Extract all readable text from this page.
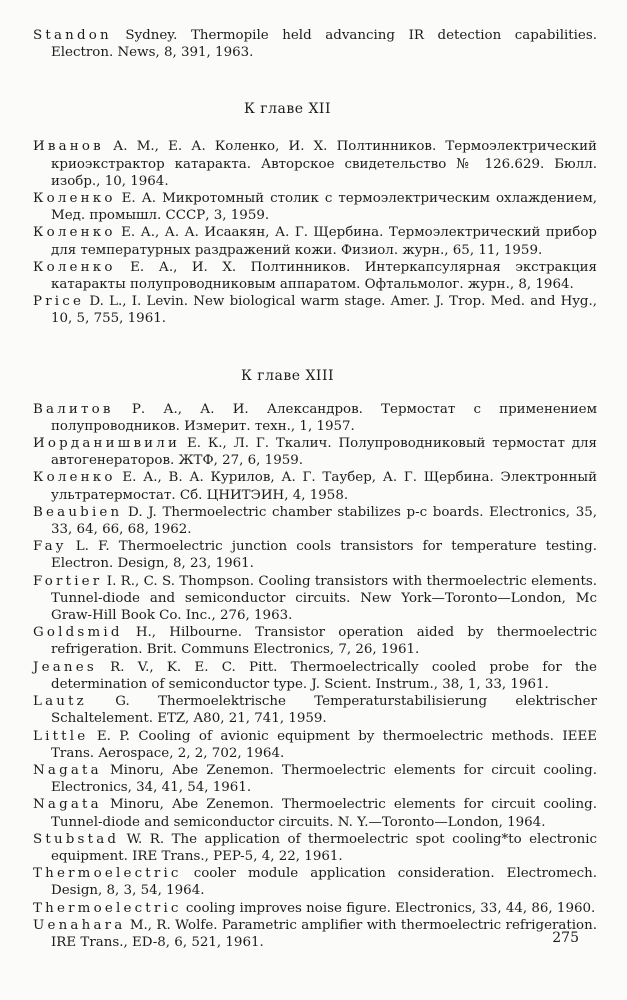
Standon Sydney. Thermopile held advancing IR detection capabilities. Electron. News, 8, 391, 1963.

К главе XII

Иванов А. М., Е. А. Коленко, И. Х. Полтинников. Термоэлектрический криоэкстрактор катаракта. Авторское свидетельство № 126.629. Бюлл. изобр., 10, 1964.

Коленко Е. А. Микротомный столик с термоэлектрическим охлаждением, Мед. промышл. СССР, 3, 1959.

Коленко Е. А., А. А. Исаакян, А. Г. Щербина. Термоэлектрический прибор для температурных раздражений кожи. Физиол. журн., 65, 11, 1959.

Коленко Е. А., И. Х. Полтинников. Интеркапсулярная экстракция катаракты полупроводниковым аппаратом. Офтальмолог. журн., 8, 1964.

Price D. L., I. Levin. New biological warm stage. Amer. J. Trop. Med. and Hyg., 10, 5, 755, 1961.

К главе XIII

Валитов Р. А., А. И. Александров. Термостат с применением полупроводников. Измерит. техн., 1, 1957.

Иорданишвили Е. К., Л. Г. Ткалич. Полупроводниковый термостат для автогенераторов. ЖТФ, 27, 6, 1959.

Коленко Е. А., В. А. Курилов, А. Г. Таубер, А. Г. Щербина. Электронный ультратермостат. Сб. ЦНИТЭИН, 4, 1958.

Beaubien D. J. Thermoelectric chamber stabilizes p-c boards. Electronics, 35, 33, 64, 66, 68, 1962.

Fay L. F. Thermoelectric junction cools transistors for temperature testing. Electron. Design, 8, 23, 1961.

Fortier I. R., C. S. Thompson. Cooling transistors with thermoelectric elements. Tunnel-diode and semiconductor circuits. New York—Toronto—London, Mc Graw-Hill Book Co. Inc., 276, 1963.

Goldsmid H., Hilbourne. Transistor operation aided by thermoelectric refrigeration. Brit. Communs Electronics, 7, 26, 1961.

Jeanes R. V., K. E. C. Pitt. Thermoelectrically cooled probe for the determination of semiconductor type. J. Scient. Instrum., 38, 1, 33, 1961.

Lautz G. Thermoelektrische Temperaturstabilisierung elektrischer Schaltelement. ETZ, A80, 21, 741, 1959.

Little E. P. Cooling of avionic equipment by thermoelectric methods. IEEE Trans. Aerospace, 2, 2, 702, 1964.

Nagata Minoru, Abe Zenemon. Thermoelectric elements for circuit cooling. Electronics, 34, 41, 54, 1961.

Nagata Minoru, Abe Zenemon. Thermoelectric elements for circuit cooling. Tunnel-diode and semiconductor circuits. N. Y.—Toronto—London, 1964.

Stubstad W. R. The application of thermoelectric spot cooling*to electronic equipment. IRE Trans., PEP-5, 4, 22, 1961.

Thermoelectric cooler module application consideration. Electromech. Design, 8, 3, 54, 1964.

Thermoelectric cooling improves noise figure. Electronics, 33, 44, 86, 1960.

Uenahara M., R. Wolfe. Parametric amplifier with thermoelectric refrigeration. IRE Trans., ED-8, 6, 521, 1961.	275
